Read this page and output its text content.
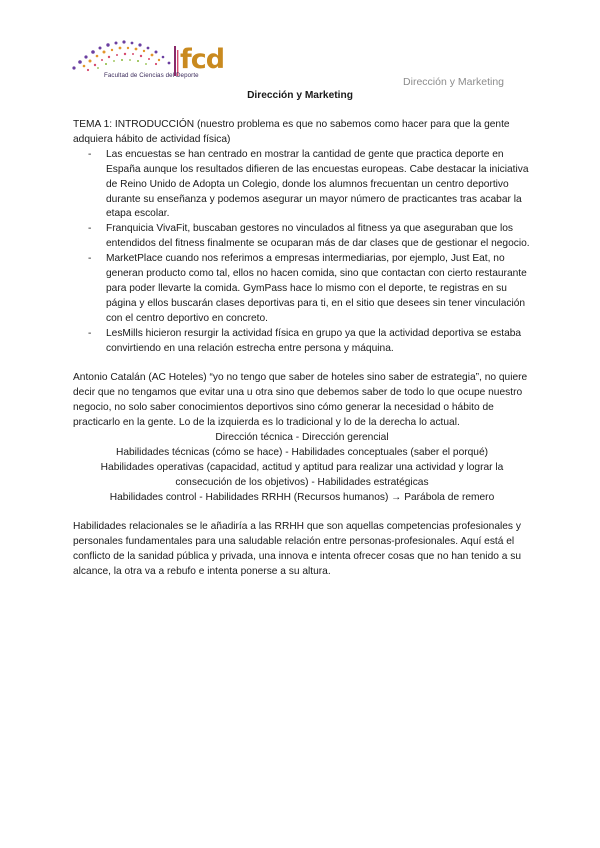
fcd
Facultad de Ciencias del Deporte
Dirección y Marketing
Dirección y Marketing

TEMA 1: INTRODUCCIÓN (nuestro problema es que no sabemos como hacer para que la gente adquiera hábito de actividad física)

- Las encuestas se han centrado en mostrar la cantidad de gente que practica deporte en España aunque los resultados difieren de las encuestas europeas. Cabe destacar la iniciativa de Reino Unido de Adopta un Colegio, donde los alumnos frecuentan un centro deportivo durante su enseñanza y podemos asegurar un mayor número de practicantes tras acabar la etapa escolar.
- Franquicia VivaFit, buscaban gestores no vinculados al fitness ya que aseguraban que los entendidos del fitness finalmente se ocuparan más de dar clases que de gestionar el negocio.
- MarketPlace cuando nos referimos a empresas intermediarias, por ejemplo, Just Eat, no generan producto como tal, ellos no hacen comida, sino que contactan con cierto restaurante para poder llevarte la comida. GymPass hace lo mismo con el deporte, te registras en su página y ellos buscarán clases deportivas para ti, en el sitio que desees sin tener vinculación con el centro deportivo en concreto.
- LesMills hicieron resurgir la actividad física en grupo ya que la actividad deportiva se estaba convirtiendo en una relación estrecha entre persona y máquina.

Antonio Catalán (AC Hoteles) “yo no tengo que saber de hoteles sino saber de estrategia”, no quiere decir que no tengamos que evitar una u otra sino que debemos saber de todo lo que ocupe nuestro negocio, no solo saber conocimientos deportivos sino cómo generar la necesidad o hábito de practicarlo en la gente. Lo de la izquierda es lo tradicional y lo de la derecha lo actual.

Dirección técnica - Dirección gerencial

Habilidades técnicas (cómo se hace) - Habilidades conceptuales (saber el porqué)

Habilidades operativas (capacidad, actitud y aptitud para realizar una actividad y lograr la consecución de los objetivos) - Habilidades estratégicas

Habilidades control - Habilidades RRHH (Recursos humanos) → Parábola de remero

Habilidades relacionales se le añadiría a las RRHH que son aquellas competencias profesionales y personales fundamentales para una saludable relación entre personas-profesionales. Aquí está el conflicto de la sanidad pública y privada, una innova e intenta ofrecer cosas que no han tenido a su alcance, la otra va a rebufo e intenta ponerse a su altura.
